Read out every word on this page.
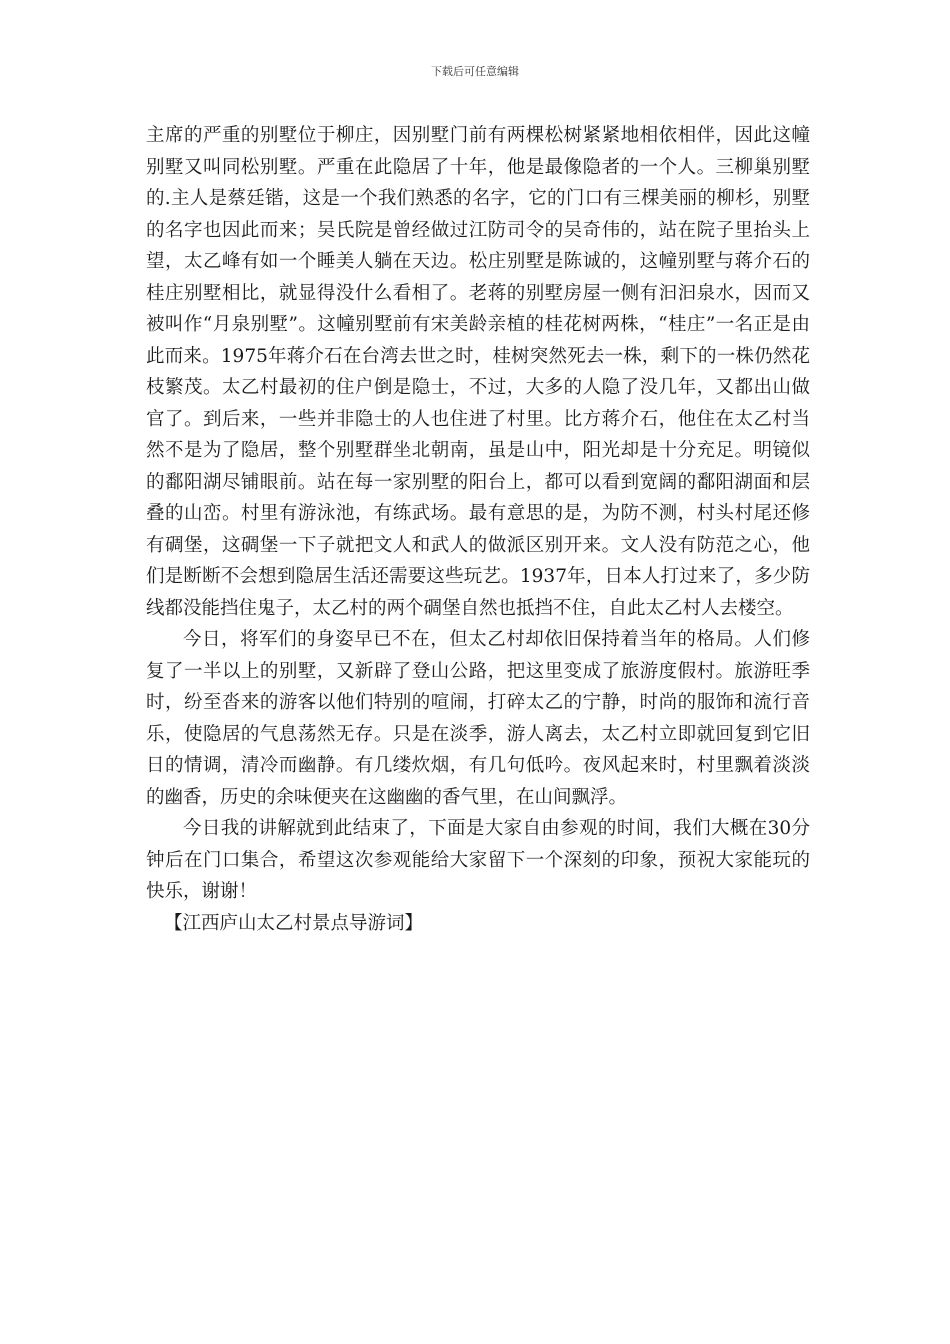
下载后可任意编辑

主席的严重的别墅位于柳庄，因别墅门前有两棵松树紧紧地相依相伴，因此这幢别墅又叫同松别墅。严重在此隐居了十年，他是最像隐者的一个人。三柳巢别墅的.主人是蔡廷锴，这是一个我们熟悉的名字，它的门口有三棵美丽的柳杉，别墅的名字也因此而来；吴氏院是曾经做过江防司令的吴奇伟的，站在院子里抬头上望，太乙峰有如一个睡美人躺在天边。松庄别墅是陈诚的，这幢别墅与蒋介石的桂庄别墅相比，就显得没什么看相了。老蒋的别墅房屋一侧有汩汩泉水，因而又被叫作“月泉别墅”。这幢别墅前有宋美龄亲植的桂花树两株，“桂庄”一名正是由此而来。1975年蒋介石在台湾去世之时，桂树突然死去一株，剩下的一株仍然花枝繁茂。太乙村最初的住户倒是隐士，不过，大多的人隐了没几年，又都出山做官了。到后来，一些并非隐士的人也住进了村里。比方蒋介石，他住在太乙村当然不是为了隐居，整个别墅群坐北朝南，虽是山中，阳光却是十分充足。明镜似的鄱阳湖尽铺眼前。站在每一家别墅的阳台上，都可以看到宽阔的鄱阳湖面和层叠的山峦。村里有游泳池，有练武场。最有意思的是，为防不测，村头村尾还修有碉堡，这碉堡一下子就把文人和武人的做派区别开来。文人没有防范之心，他们是断断不会想到隐居生活还需要这些玩艺。1937年，日本人打过来了，多少防线都没能挡住鬼子，太乙村的两个碉堡自然也抵挡不住，自此太乙村人去楼空。

今日，将军们的身姿早已不在，但太乙村却依旧保持着当年的格局。人们修复了一半以上的别墅，又新辟了登山公路，把这里变成了旅游度假村。旅游旺季时，纷至沓来的游客以他们特别的喧闹，打碎太乙的宁静，时尚的服饰和流行音乐，使隐居的气息荡然无存。只是在淡季，游人离去，太乙村立即就回复到它旧日的情调，清冷而幽静。有几缕炊烟，有几句低吟。夜风起来时，村里飘着淡淡的幽香，历史的余味便夹在这幽幽的香气里，在山间飘浮。

今日我的讲解就到此结束了，下面是大家自由参观的时间，我们大概在30分钟后在门口集合，希望这次参观能给大家留下一个深刻的印象，预祝大家能玩的快乐，谢谢！

【江西庐山太乙村景点导游词】
